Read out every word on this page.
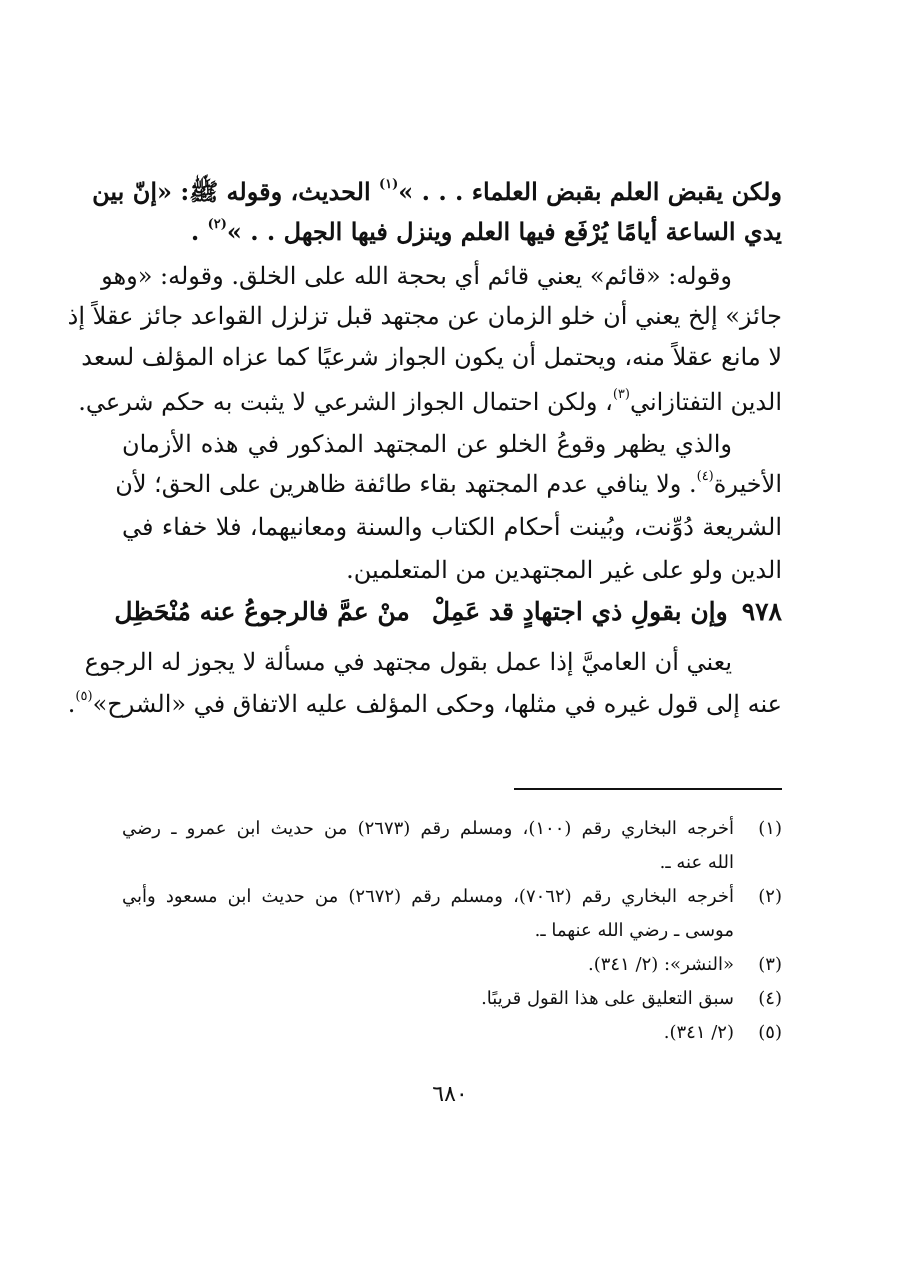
ولكن يقبض العلم بقبض العلماء . . . »$^{(١)}$ الحديث، وقوله ﷺ: «إنّ بين
يدي الساعة أيامًا يُرْفَع فيها العلم وينزل فيها الجهل . . »$^{(٢)}$ .
وقوله: «قائم» يعني قائم أي بحجة الله على الخلق. وقوله: «وهو
جائز» إلخ يعني أن خلو الزمان عن مجتهد قبل تزلزل القواعد جائز عقلاً إذ
لا مانع عقلاً منه، ويحتمل أن يكون الجواز شرعيًا كما عزاه المؤلف لسعد
الدين التفتازاني$^{(٣)}$، ولكن احتمال الجواز الشرعي لا يثبت به حكم شرعي.
والذي يظهر وقوعُ الخلو عن المجتهد المذكور في هذه الأزمان
الأخيرة$^{(٤)}$. ولا ينافي عدم المجتهد بقاء طائفة ظاهرين على الحق؛ لأن
الشريعة دُوِّنت، وبُينت أحكام الكتاب والسنة ومعانيهما، فلا خفاء في
الدين ولو على غير المجتهدين من المتعلمين.
٩٧٨وإن بقولِ ذي اجتهادٍ قد عَمِلْمنْ عمَّ فالرجوعُ عنه مُنْحَظِل
يعني أن العاميَّ إذا عمل بقول مجتهد في مسألة لا يجوز له الرجوع
عنه إلى قول غيره في مثلها، وحكى المؤلف عليه الاتفاق في «الشرح»$^{(٥)}$.
(١)
أخرجه البخاري رقم (١٠٠)، ومسلم رقم (٢٦٧٣) من حديث ابن عمرو ـ رضي
الله عنه ـ.
(٢)
أخرجه البخاري رقم (٧٠٦٢)، ومسلم رقم (٢٦٧٢) من حديث ابن مسعود وأبي
موسى ـ رضي الله عنهما ـ.
(٣)
«النشر»: (٢/ ٣٤١).
(٤)
سبق التعليق على هذا القول قريبًا.
(٥)
(٢/ ٣٤١).
٦٨٠
